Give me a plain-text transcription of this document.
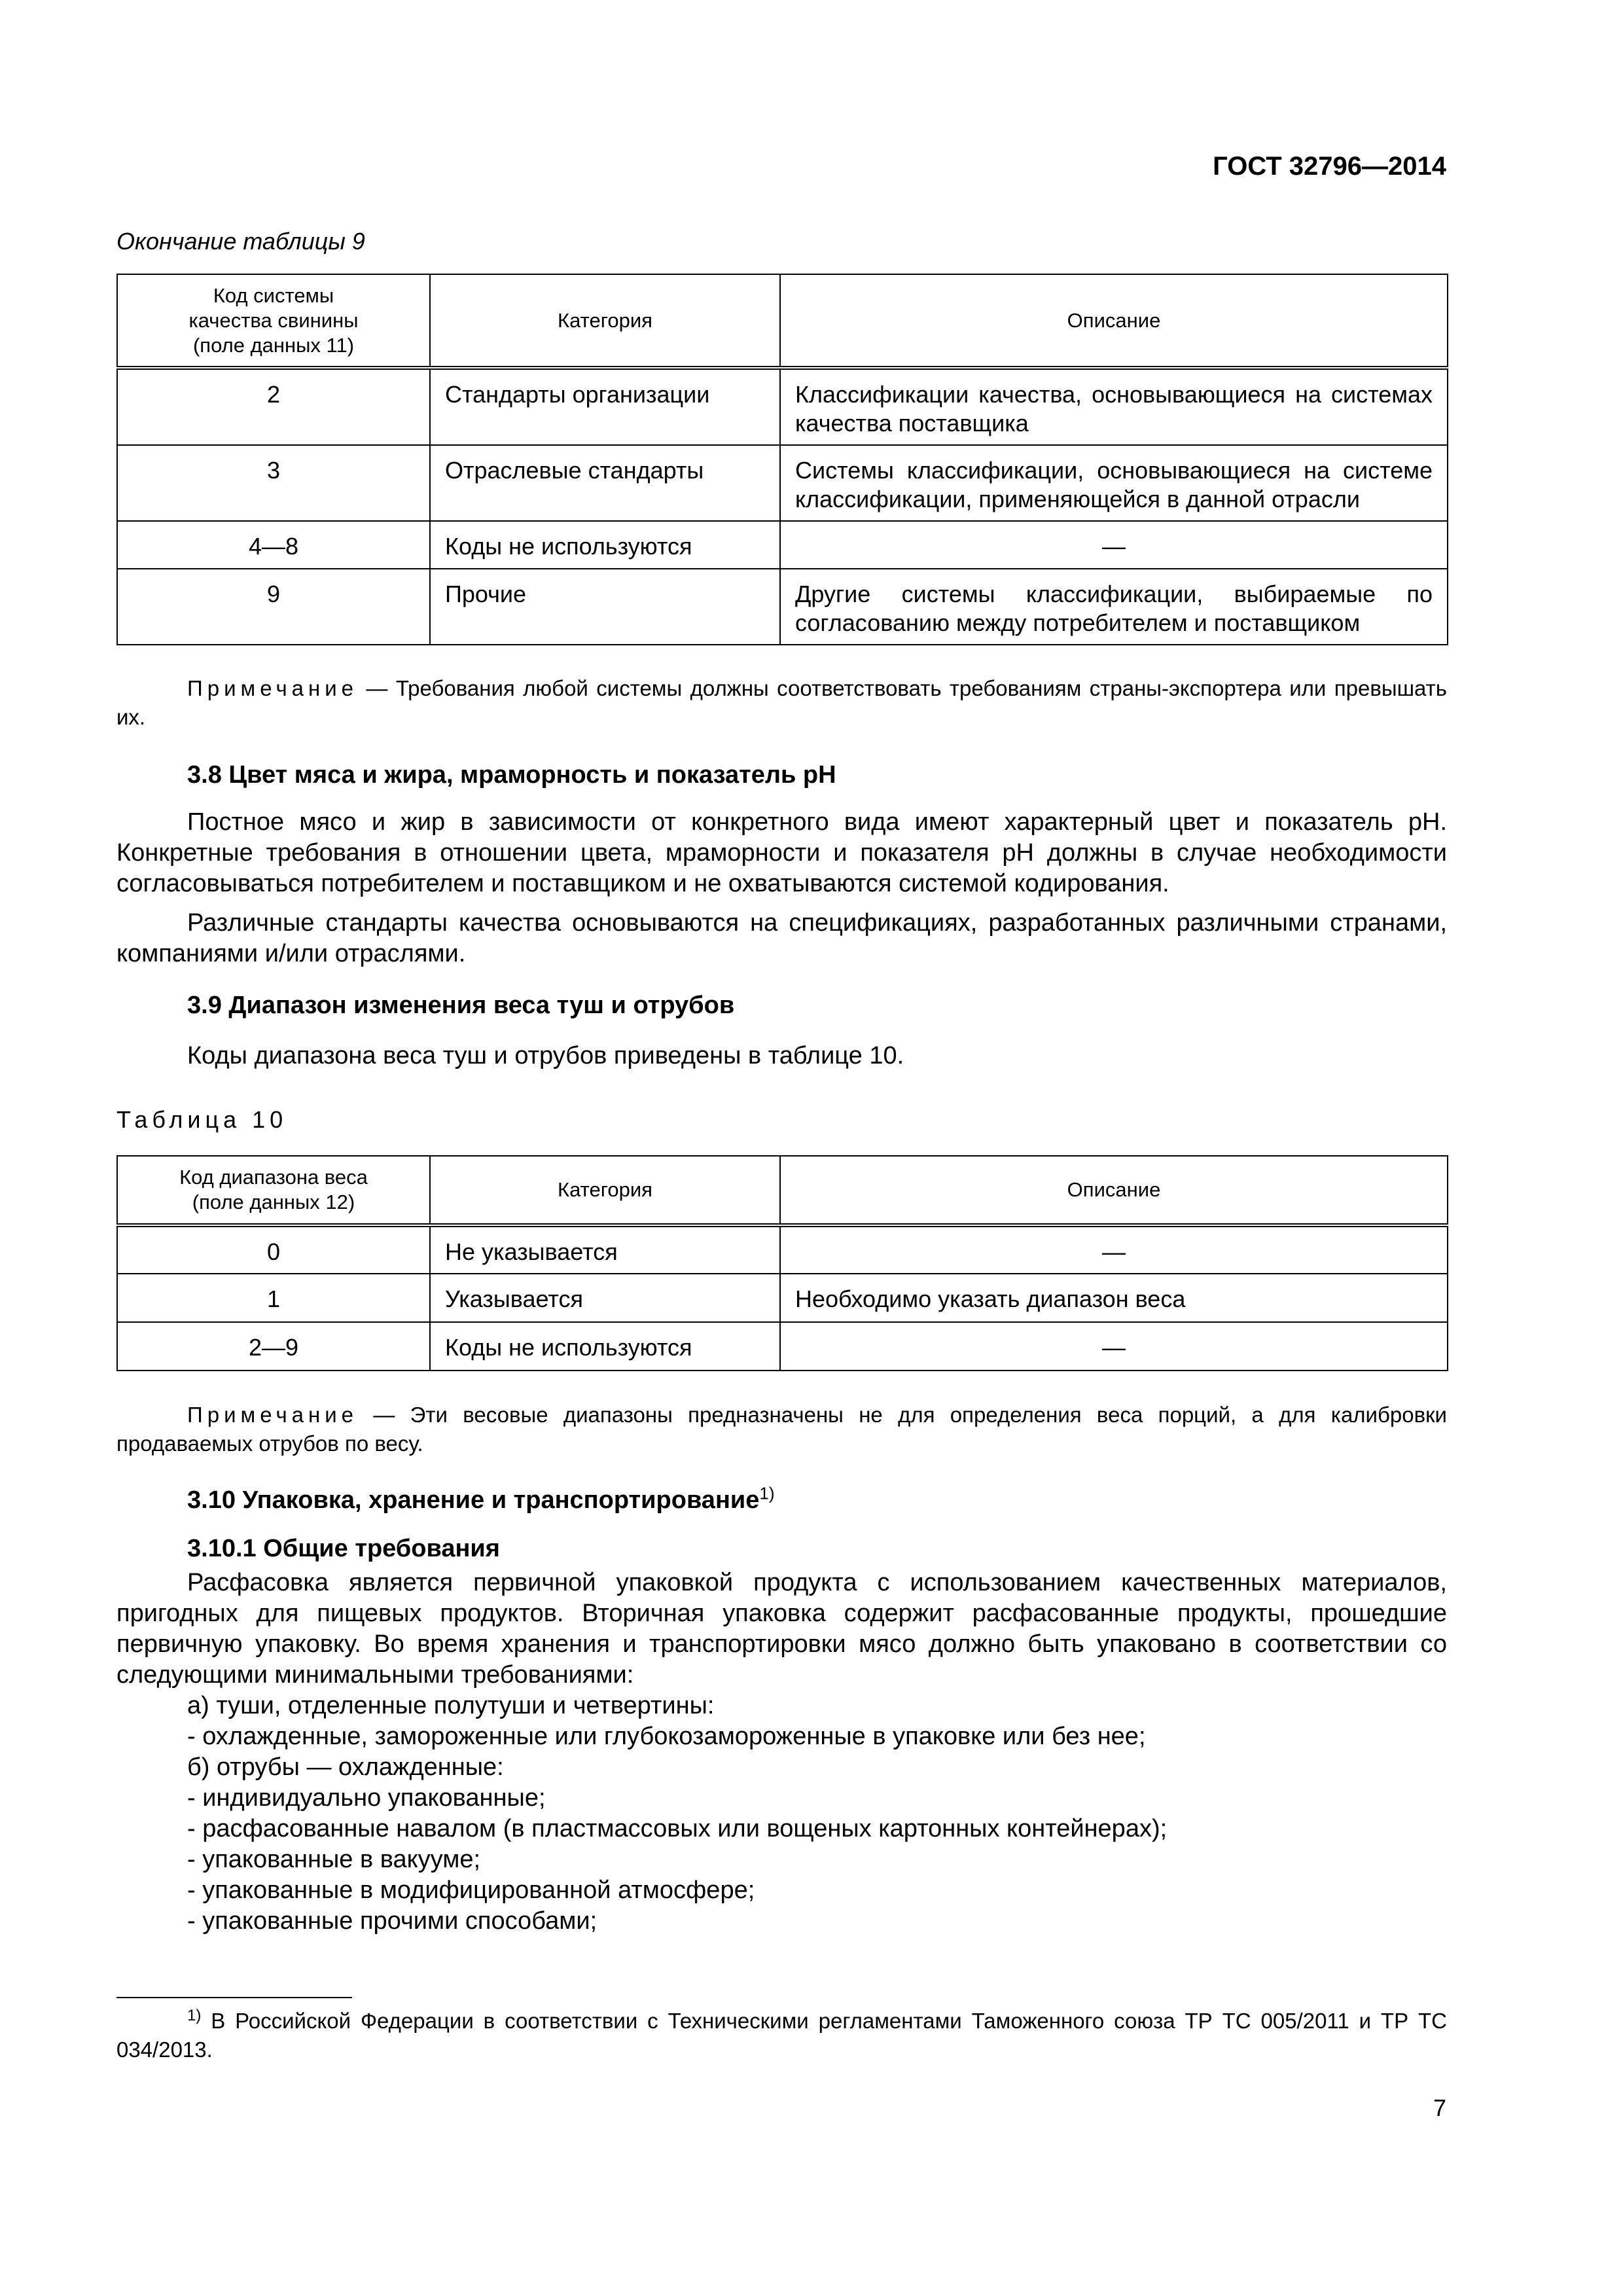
ГОСТ 32796—2014
Окончание таблицы 9
Код системы
качества свинины
(поле данных 11)	Категория	Описание
2	Стандарты организации	Классификации качества, основывающиеся на системах качества поставщика
3	Отраслевые стандарты	Системы классификации, основывающиеся на системе классификации, применяющейся в данной отрасли
4—8	Коды не используются	—
9	Прочие	Другие системы классификации, выбираемые по согласованию между потребителем и поставщиком
Примечание — Требования любой системы должны соответствовать требованиям страны-экспортера или превышать их.
3.8 Цвет мяса и жира, мраморность и показатель рН
Постное мясо и жир в зависимости от конкретного вида имеют характерный цвет и показатель рН. Конкретные требования в отношении цвета, мраморности и показателя рН должны в случае необходимости согласовываться потребителем и поставщиком и не охватываются системой кодирования.
Различные стандарты качества основываются на спецификациях, разработанных различными странами, компаниями и/или отраслями.
3.9 Диапазон изменения веса туш и отрубов
Коды диапазона веса туш и отрубов приведены в таблице 10.
Таблица 10
Код диапазона веса
(поле данных 12)	Категория	Описание
0	Не указывается	—
1	Указывается	Необходимо указать диапазон веса
2—9	Коды не используются	—
Примечание — Эти весовые диапазоны предназначены не для определения веса порций, а для калибровки продаваемых отрубов по весу.
3.10 Упаковка, хранение и транспортирование$^{1)}$
3.10.1 Общие требования
Расфасовка является первичной упаковкой продукта с использованием качественных материалов, пригодных для пищевых продуктов. Вторичная упаковка содержит расфасованные продукты, прошедшие первичную упаковку. Во время хранения и транспортировки мясо должно быть упаковано в соответствии со следующими минимальными требованиями:
а) туши, отделенные полутуши и четвертины:
- охлажденные, замороженные или глубокозамороженные в упаковке или без нее;
б) отрубы — охлажденные:
- индивидуально упакованные;
- расфасованные навалом (в пластмассовых или вощеных картонных контейнерах);
- упакованные в вакууме;
- упакованные в модифицированной атмосфере;
- упакованные прочими способами;
$^{1)}$ В Российской Федерации в соответствии с Техническими регламентами Таможенного союза ТР ТС 005/2011 и ТР ТС 034/2013.
7
